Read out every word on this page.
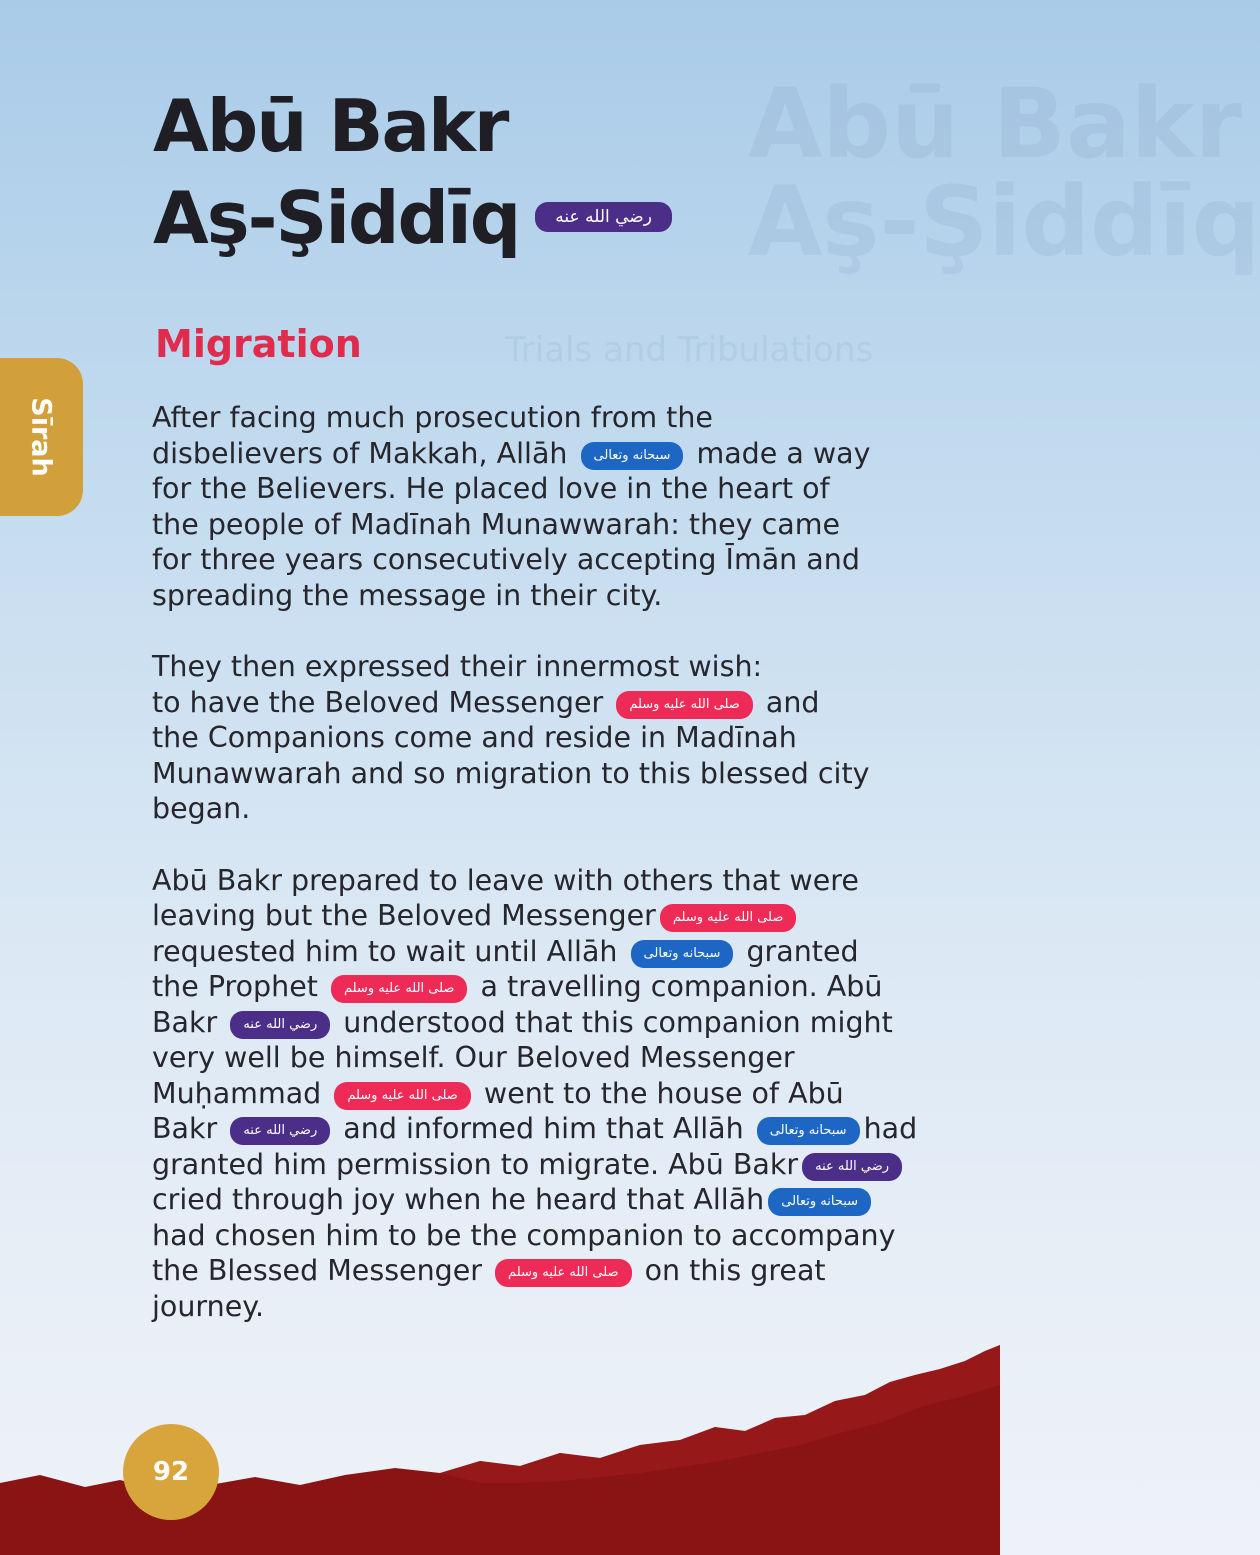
Abū Bakr
Aş-Şiddīq
Trials and Tribulations
Abū Bakr
Aş-Şiddīq رضي الله عنه
Sīrah
Migration

After facing much prosecution from the
disbelievers of Makkah, Allāh سبحانه وتعالى made a way
for the Believers. He placed love in the heart of
the people of Madīnah Munawwarah: they came
for three years consecutively accepting Īmān and
spreading the message in their city.

They then expressed their innermost wish:
to have the Beloved Messenger صلى الله عليه وسلم and
the Companions come and reside in Madīnah
Munawwarah and so migration to this blessed city
began.

Abū Bakr prepared to leave with others that were
leaving but the Beloved Messenger صلى الله عليه وسلم
requested him to wait until Allāh سبحانه وتعالى granted
the Prophet صلى الله عليه وسلم a travelling companion. Abū
Bakr رضي الله عنه understood that this companion might
very well be himself. Our Beloved Messenger
Muḥammad صلى الله عليه وسلم went to the house of Abū
Bakr رضي الله عنه and informed him that Allāh سبحانه وتعالى had
granted him permission to migrate. Abū Bakr رضي الله عنه
cried through joy when he heard that Allāh سبحانه وتعالى
had chosen him to be the companion to accompany
the Blessed Messenger صلى الله عليه وسلم on this great
journey.

92
